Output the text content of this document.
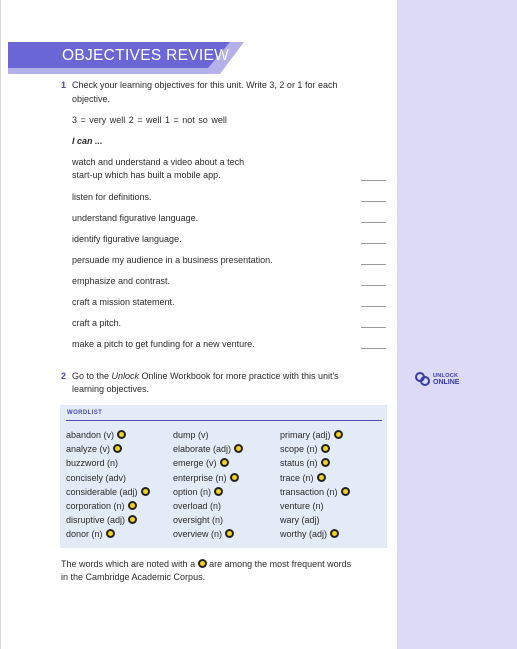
OBJECTIVES REVIEW
1 Check your learning objectives for this unit. Write 3, 2 or 1 for each
objective.
3 = very well 2 = well 1 = not so well
I can ...
watch and understand a video about a tech
start-up which has built a mobile app.
listen for definitions.
understand figurative language.
identify figurative language.
persuade my audience in a business presentation.
emphasize and contrast.
craft a mission statement.
craft a pitch.
make a pitch to get funding for a new venture.
2 Go to the Unlock Online Workbook for more practice with this unit's
learning objectives.
UNLOCK
ONLINE
WORDLIST
abandon (v)
analyze (v)
buzzword (n)
concisely (adv)
considerable (adj)
corporation (n)
disruptive (adj)
donor (n)
dump (v)
elaborate (adj)
emerge (v)
enterprise (n)
option (n)
overload (n)
oversight (n)
overview (n)
primary (adj)
scope (n)
status (n)
trace (n)
transaction (n)
venture (n)
wary (adj)
worthy (adj)
The words which are noted with a are among the most frequent words
in the Cambridge Academic Corpus.
